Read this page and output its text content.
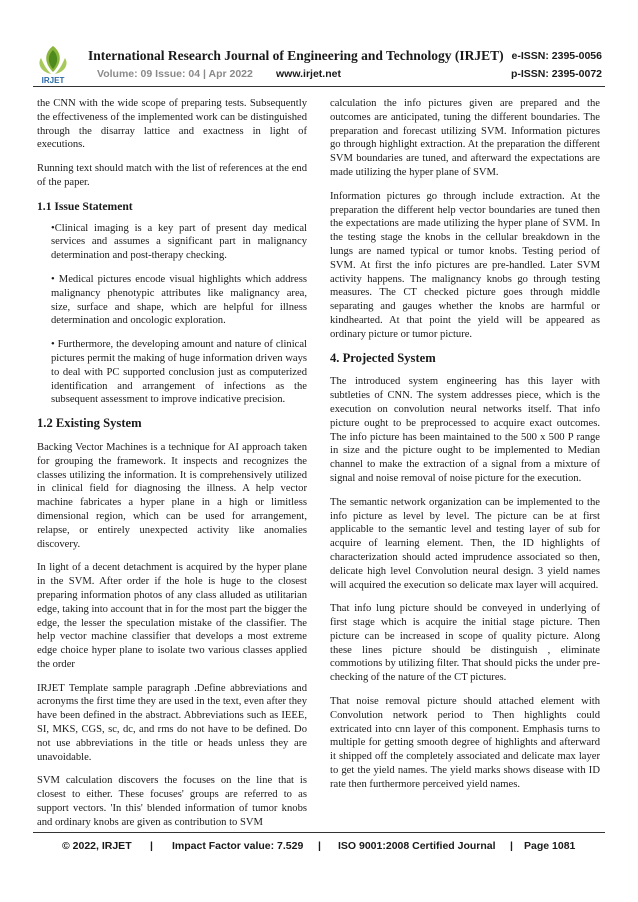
IRJET
International Research Journal of Engineering and Technology (IRJET) e-ISSN: 2395-0056
Volume: 09 Issue: 04 | Apr 2022 www.irjet.net	p-ISSN: 2395-0072

the CNN with the wide scope of preparing tests. Subsequently the effectiveness of the implemented work can be distinguished through the disarray lattice and exactness in light of executions.

Running text should match with the list of references at the end of the paper.

1.1 Issue Statement

•Clinical imaging is a key part of present day medical services and assumes a significant part in malignancy determination and post-therapy checking.

• Medical pictures encode visual highlights which address malignancy phenotypic attributes like malignancy area, size, surface and shape, which are helpful for illness determination and oncologic exploration.

• Furthermore, the developing amount and nature of clinical pictures permit the making of huge information driven ways to deal with PC supported conclusion just as computerized identification and arrangement of infections as the subsequent assessment to improve indicative precision.

1.2 Existing System

Backing Vector Machines is a technique for AI approach taken for grouping the framework. It inspects and recognizes the classes utilizing the information. It is comprehensively utilized in clinical field for diagnosing the illness. A help vector machine fabricates a hyper plane in a high or limitless dimensional region, which can be used for arrangement, relapse, or entirely unexpected activity like anomalies discovery.

In light of a decent detachment is acquired by the hyper plane in the SVM. After order if the hole is huge to the closest preparing information photos of any class alluded as utilitarian edge, taking into account that in for the most part the bigger the edge, the lesser the speculation mistake of the classifier. The help vector machine classifier that develops a most extreme edge choice hyper plane to isolate two various classes applied the order

IRJET Template sample paragraph .Define abbreviations and acronyms the first time they are used in the text, even after they have been defined in the abstract. Abbreviations such as IEEE, SI, MKS, CGS, sc, dc, and rms do not have to be defined. Do not use abbreviations in the title or heads unless they are unavoidable.

SVM calculation discovers the focuses on the line that is closest to either. These focuses' groups are referred to as support vectors. 'In this' blended information of tumor knobs and ordinary knobs are given as contribution to SVM

calculation the info pictures given are prepared and the outcomes are anticipated, tuning the different boundaries. The preparation and forecast utilizing SVM. Information pictures go through highlight extraction. At the preparation the different SVM boundaries are tuned, and afterward the expectations are made utilizing the hyper plane of SVM.

Information pictures go through include extraction. At the preparation the different help vector boundaries are tuned then the expectations are made utilizing the hyper plane of SVM. In the testing stage the knobs in the cellular breakdown in the lungs are named typical or tumor knobs. Testing period of SVM. At first the info pictures are pre-handled. Later SVM activity happens. The malignancy knobs go through testing measures. The CT checked picture goes through middle separating and gauges whether the knobs are harmful or kindhearted. At that point the yield will be appeared as ordinary picture or tumor picture.

4. Projected System

The introduced system engineering has this layer with subtleties of CNN. The system addresses piece, which is the execution on convolution neural networks itself. That info picture ought to be preprocessed to acquire exact outcomes. The info picture has been maintained to the 500 x 500 P range in size and the picture ought to be implemented to Median channel to make the extraction of a signal from a mixture of signal and noise removal of noise picture for the execution.

The semantic network organization can be implemented to the info picture as level by level. The picture can be at first applicable to the semantic level and testing layer of sub for acquire of learning element. Then, the ID highlights of characterization should acted imprudence associated so then, delicate high level Convolution neural design. 3 yield names will acquired the execution so delicate max layer will acquired.

That info lung picture should be conveyed in underlying of first stage which is acquire the initial stage picture. Then picture can be increased in scope of quality picture. Along these lines picture should be distinguish , eliminate commotions by utilizing filter. That should picks the under pre-checking of the nature of the CT pictures.

That noise removal picture should attached element with Convolution network period to Then highlights could extricated into cnn layer of this component. Emphasis turns to multiple for getting smooth degree of highlights and afterward it shipped off the completely associated and delicate max layer to get the yield names. The yield marks shows disease with ID rate then furthermore perceived yield names.

© 2022, IRJET | Impact Factor value: 7.529 | ISO 9001:2008 Certified Journal | Page 1081
